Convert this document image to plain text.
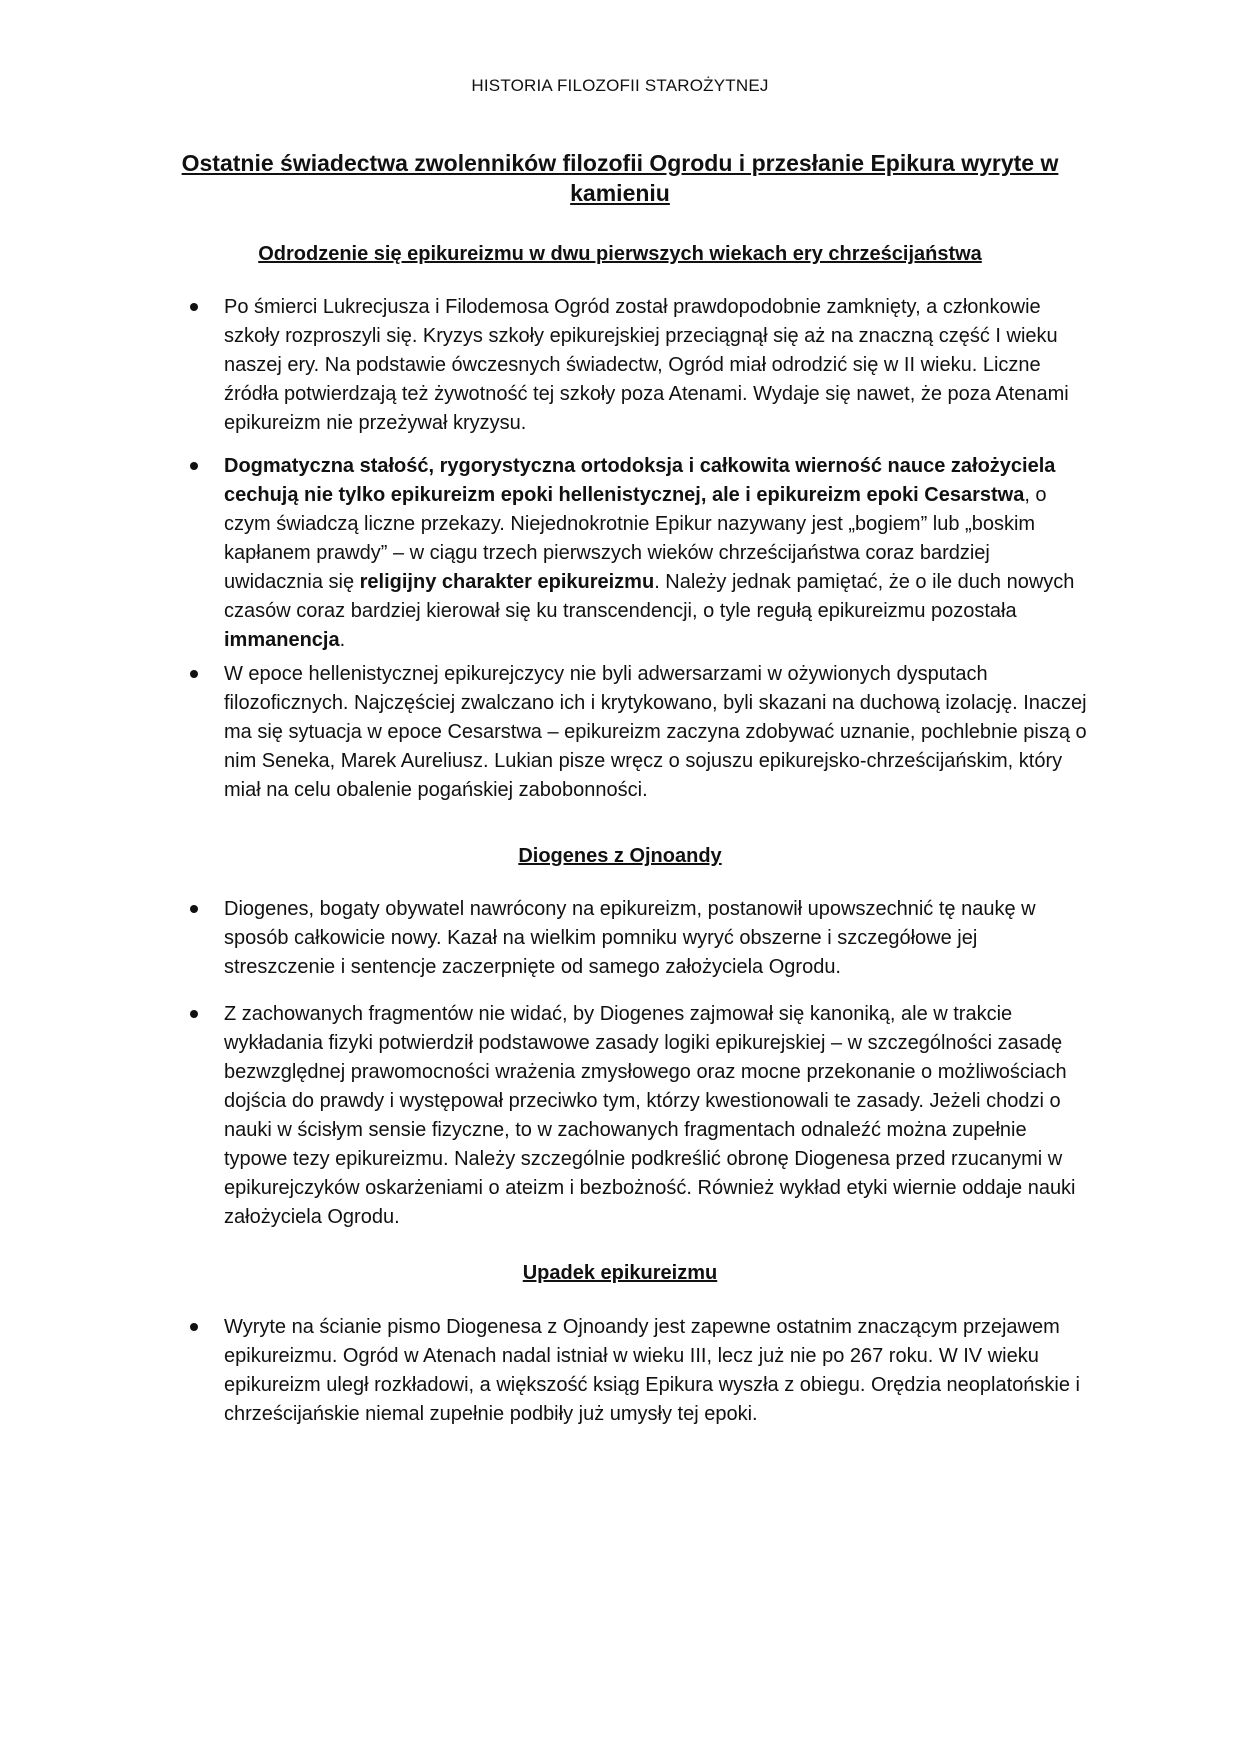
HISTORIA FILOZOFII STAROŻYTNEJ
Ostatnie świadectwa zwolenników filozofii Ogrodu i przesłanie Epikura wyryte w kamieniu
Odrodzenie się epikureizmu w dwu pierwszych wiekach ery chrześcijaństwa
Po śmierci Lukrecjusza i Filodemosa Ogród został prawdopodobnie zamknięty, a członkowie szkoły rozproszyli się. Kryzys szkoły epikurejskiej przeciągnął się aż na znaczną część I wieku naszej ery. Na podstawie ówczesnych świadectw, Ogród miał odrodzić się w II wieku. Liczne źródła potwierdzają też żywotność tej szkoły poza Atenami. Wydaje się nawet, że poza Atenami epikureizm nie przeżywał kryzysu.
Dogmatyczna stałość, rygorystyczna ortodoksja i całkowita wierność nauce założyciela cechują nie tylko epikureizm epoki hellenistycznej, ale i epikureizm epoki Cesarstwa, o czym świadczą liczne przekazy. Niejednokrotnie Epikur nazywany jest „bogiem” lub „boskim kapłanem prawdy” – w ciągu trzech pierwszych wieków chrześcijaństwa coraz bardziej uwidacznia się religijny charakter epikureizmu. Należy jednak pamiętać, że o ile duch nowych czasów coraz bardziej kierował się ku transcendencji, o tyle regułą epikureizmu pozostała immanencja.
W epoce hellenistycznej epikurejczycy nie byli adwersarzami w ożywionych dysputach filozoficznych. Najczęściej zwalczano ich i krytykowano, byli skazani na duchową izolację. Inaczej ma się sytuacja w epoce Cesarstwa – epikureizm zaczyna zdobywać uznanie, pochlebnie piszą o nim Seneka, Marek Aureliusz. Lukian pisze wręcz o sojuszu epikurejsko-chrześcijańskim, który miał na celu obalenie pogańskiej zabobonności.
Diogenes z Ojnoandy
Diogenes, bogaty obywatel nawrócony na epikureizm, postanowił upowszechnić tę naukę w sposób całkowicie nowy. Kazał na wielkim pomniku wyryć obszerne i szczegółowe jej streszczenie i sentencje zaczerpnięte od samego założyciela Ogrodu.
Z zachowanych fragmentów nie widać, by Diogenes zajmował się kanoniką, ale w trakcie wykładania fizyki potwierdził podstawowe zasady logiki epikurejskiej – w szczególności zasadę bezwzględnej prawomocności wrażenia zmysłowego oraz mocne przekonanie o możliwościach dojścia do prawdy i występował przeciwko tym, którzy kwestionowali te zasady. Jeżeli chodzi o nauki w ścisłym sensie fizyczne, to w zachowanych fragmentach odnaleźć można zupełnie typowe tezy epikureizmu. Należy szczególnie podkreślić obronę Diogenesa przed rzucanymi w epikurejczyków oskarżeniami o ateizm i bezbożność. Również wykład etyki wiernie oddaje nauki założyciela Ogrodu.
Upadek epikureizmu
Wyryte na ścianie pismo Diogenesa z Ojnoandy jest zapewne ostatnim znaczącym przejawem epikureizmu. Ogród w Atenach nadal istniał w wieku III, lecz już nie po 267 roku. W IV wieku epikureizm uległ rozkładowi, a większość ksiąg Epikura wyszła z obiegu. Orędzia neoplatońskie i chrześcijańskie niemal zupełnie podbiły już umysły tej epoki.
